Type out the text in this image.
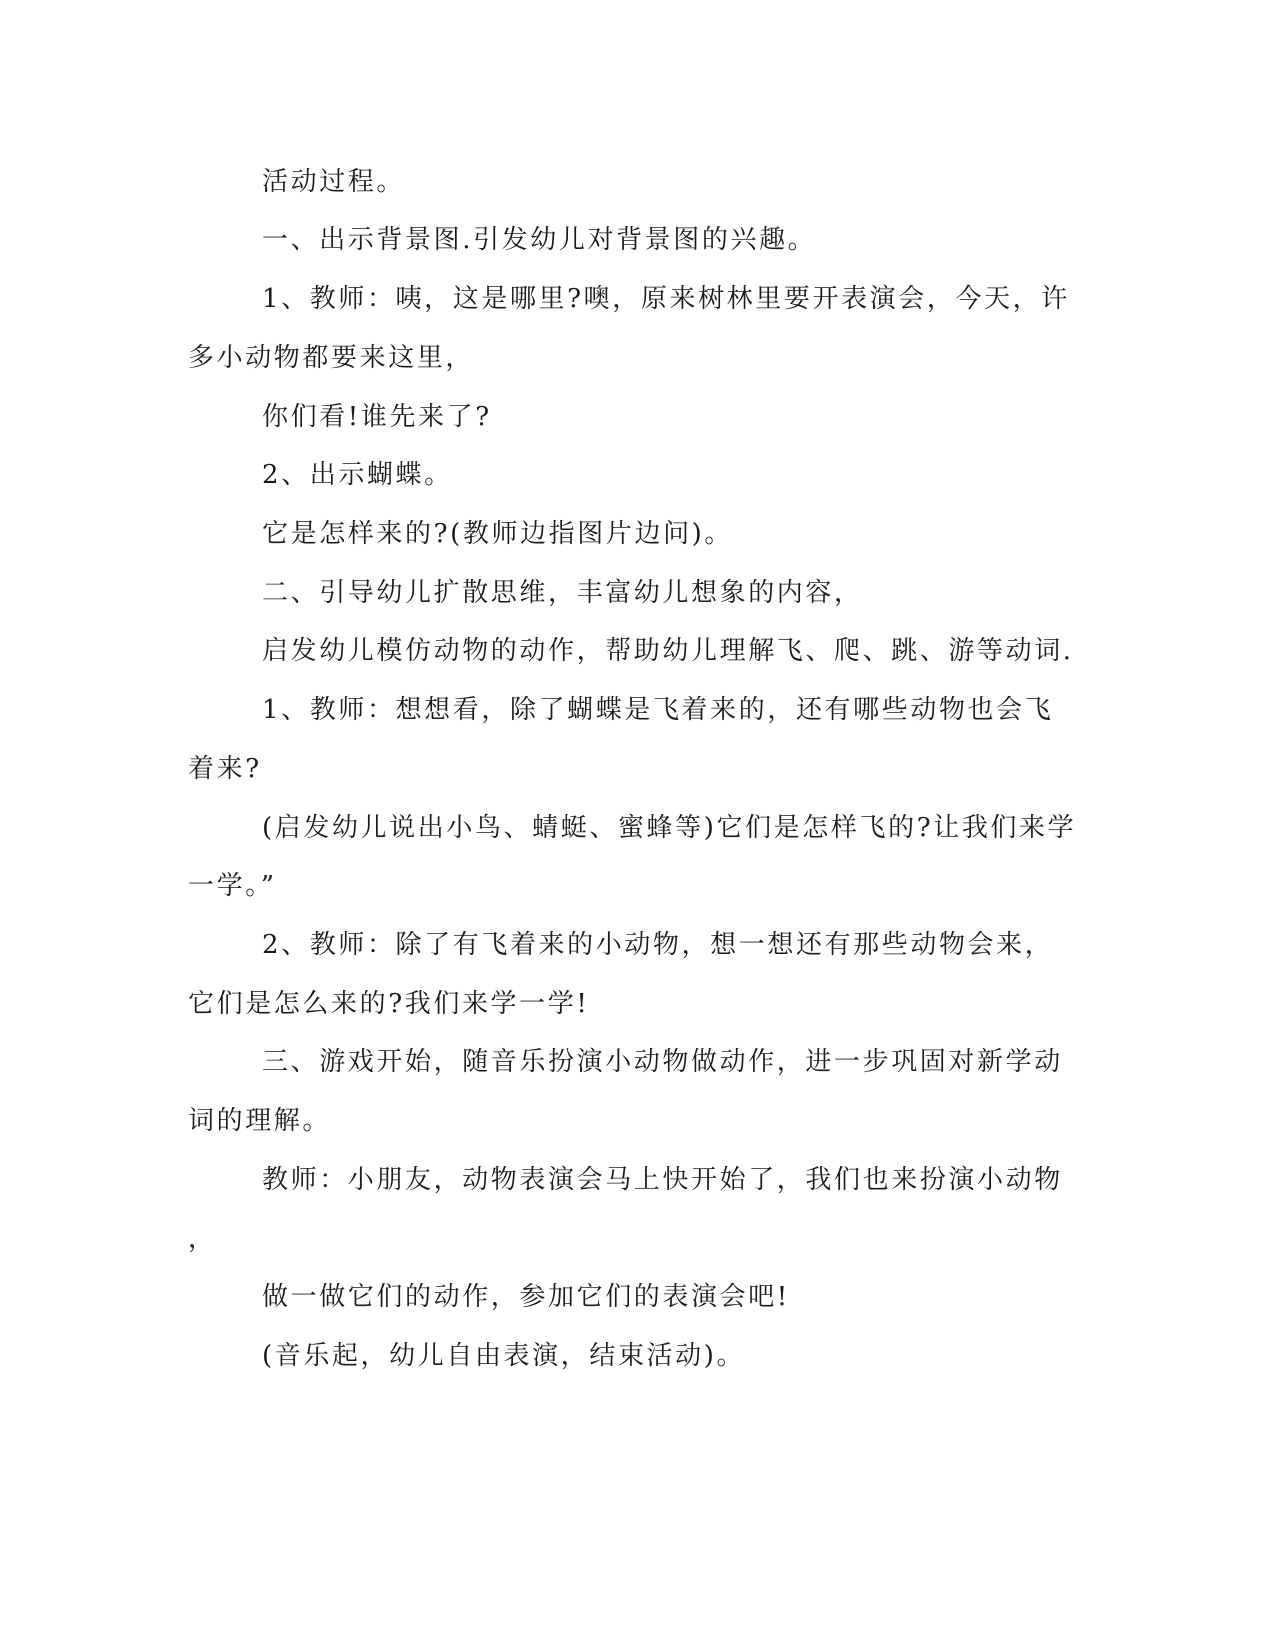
活动过程。
一、出示背景图.引发幼儿对背景图的兴趣。
1、教师：咦，这是哪里?噢，原来树林里要开表演会，今天，许
多小动物都要来这里，
你们看!谁先来了?
2、出示蝴蝶。
它是怎样来的?(教师边指图片边问)。
二、引导幼儿扩散思维，丰富幼儿想象的内容，
启发幼儿模仿动物的动作，帮助幼儿理解飞、爬、跳、游等动词.
1、教师：想想看，除了蝴蝶是飞着来的，还有哪些动物也会飞
着来?
(启发幼儿说出小鸟、蜻蜓、蜜蜂等)它们是怎样飞的?让我们来学
一学。”
2、教师：除了有飞着来的小动物，想一想还有那些动物会来，
它们是怎么来的?我们来学一学!
三、游戏开始，随音乐扮演小动物做动作，进一步巩固对新学动
词的理解。
教师：小朋友，动物表演会马上快开始了，我们也来扮演小动物
，
做一做它们的动作，参加它们的表演会吧!
(音乐起，幼儿自由表演，结束活动)。
